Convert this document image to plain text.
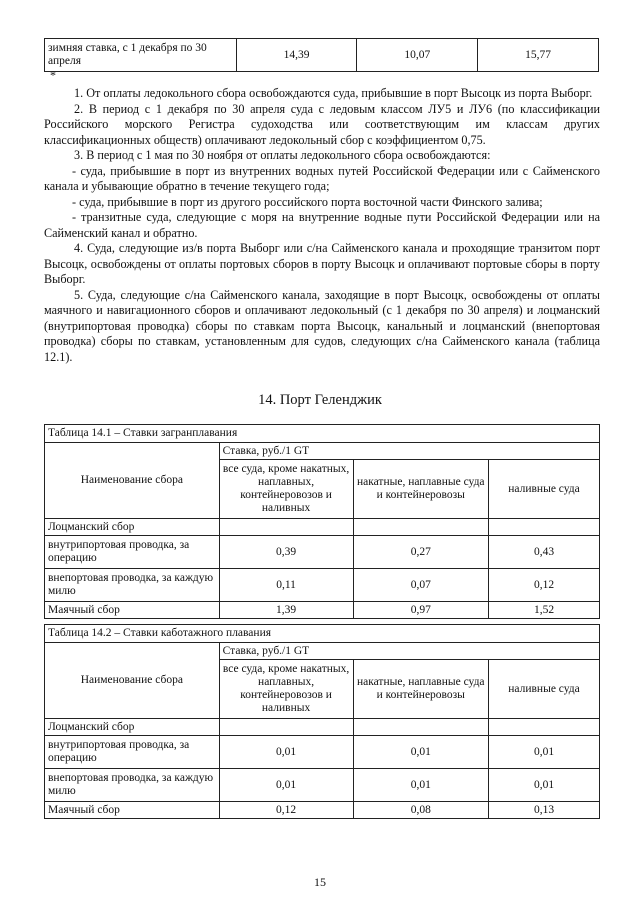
зимняя ставка, с 1 декабря по 30 апреля	14,39	10,07	15,77
*

1. От оплаты ледокольного сбора освобождаются суда, прибывшие в порт Высоцк из порта Выборг.

2. В период с 1 декабря по 30 апреля суда с ледовым классом ЛУ5 и ЛУ6 (по классификации Российского морского Регистра судоходства или соответствующим им классам других классификационных обществ) оплачивают ледокольный сбор с коэффициентом 0,75.

3. В период с 1 мая по 30 ноября от оплаты ледокольного сбора освобождаются:

- суда, прибывшие в порт из внутренних водных путей Российской Федерации или с Сайменского канала и убывающие обратно в течение текущего года;

- суда, прибывшие в порт из другого российского порта восточной части Финского залива;

- транзитные суда, следующие с моря на внутренние водные пути Российской Федерации или на Сайменский канал и обратно.

4. Суда, следующие из/в порта Выборг или с/на Сайменского канала и проходящие транзитом порт Высоцк, освобождены от оплаты портовых сборов в порту Высоцк и оплачивают портовые сборы в порту Выборг.

5. Суда, следующие с/на Сайменского канала, заходящие в порт Высоцк, освобождены от оплаты маячного и навигационного сборов и оплачивают ледокольный (с 1 декабря по 30 апреля) и лоцманский (внутрипортовая проводка) сборы по ставкам порта Высоцк, канальный и лоцманский (внепортовая проводка) сборы по ставкам, установленным для судов, следующих с/на Сайменского канала (таблица 12.1).

14. Порт Геленджик
Таблица 14.1 – Ставки загранплавания			
Наименование сбора	Ставка, руб./1 GT		
	все суда, кроме накатных, наплавных, контейнеровозов и наливных	накатные, наплавные суда и контейнеровозы	наливные суда
Лоцманский сбор			
внутрипортовая проводка, за операцию	0,39	0,27	0,43
внепортовая проводка, за каждую милю	0,11	0,07	0,12
Маячный сбор	1,39	0,97	1,52
Таблица 14.2 – Ставки каботажного плавания			
Наименование сбора	Ставка, руб./1 GT		
	все суда, кроме накатных, наплавных, контейнеровозов и наливных	накатные, наплавные суда и контейнеровозы	наливные суда
Лоцманский сбор			
внутрипортовая проводка, за операцию	0,01	0,01	0,01
внепортовая проводка, за каждую милю	0,01	0,01	0,01
Маячный сбор	0,12	0,08	0,13
15
